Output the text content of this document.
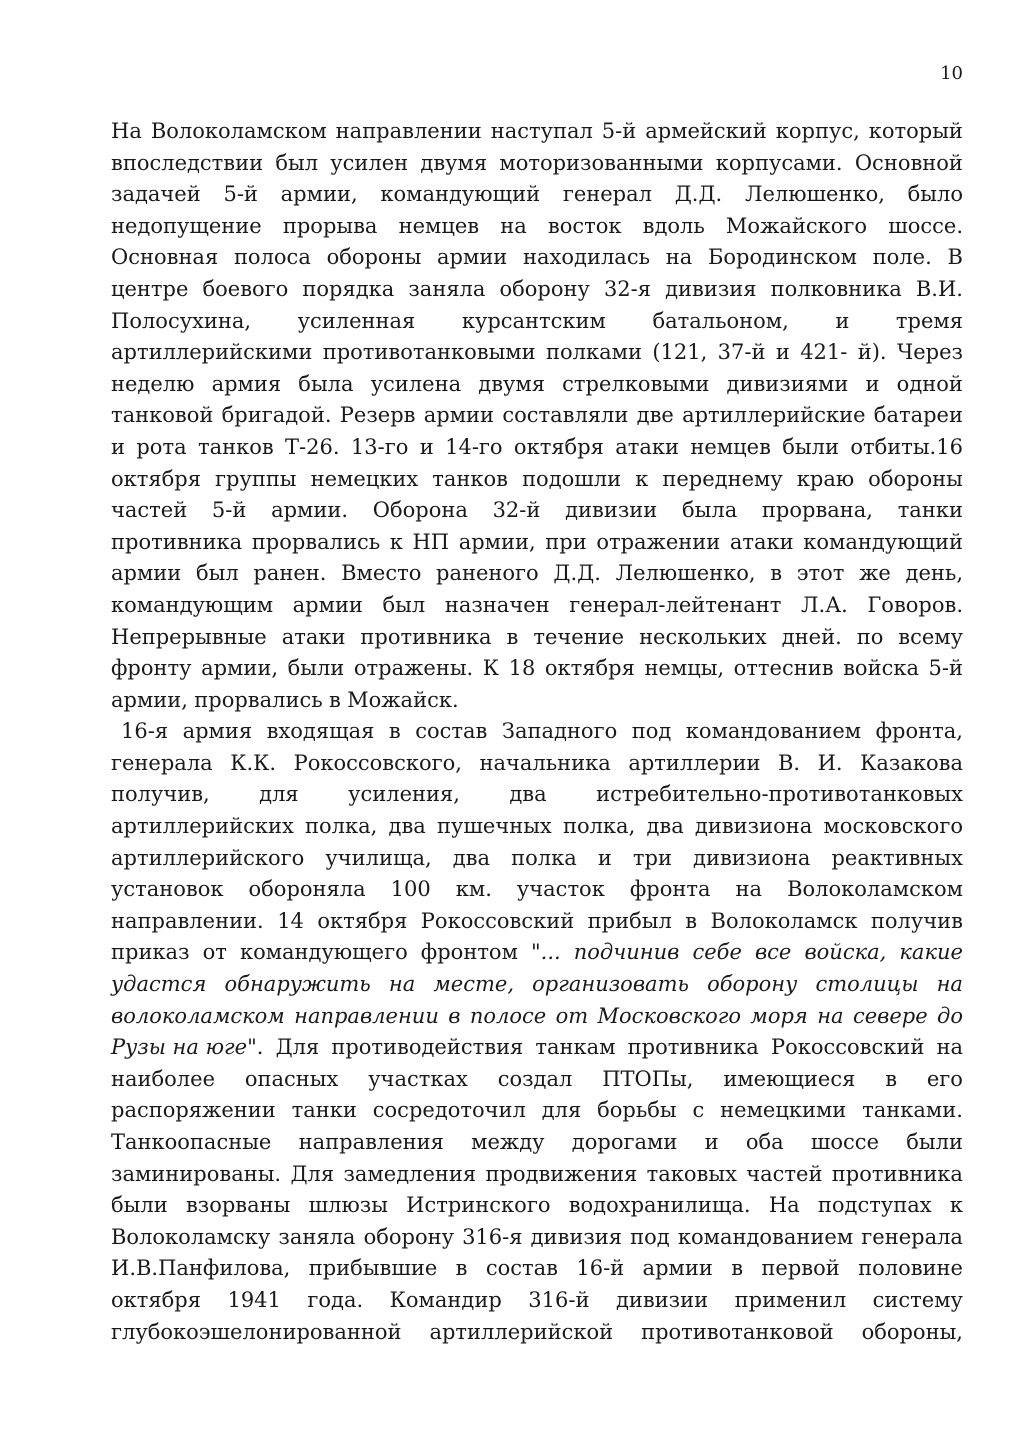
10
На Волоколамском направлении наступал 5-й армейский корпус, который
впоследствии был усилен двумя моторизованными корпусами. Основной
задачей 5-й армии, командующий генерал Д.Д. Лелюшенко, было
недопущение прорыва немцев на восток вдоль Можайского шоссе.
Основная полоса обороны армии находилась на Бородинском поле. В
центре боевого порядка заняла оборону 32-я дивизия полковника В.И.
Полосухина, усиленная курсантским батальоном, и тремя
артиллерийскими противотанковыми полками (121, 37-й и 421- й). Через
неделю армия была усилена двумя стрелковыми дивизиями и одной
танковой бригадой. Резерв армии составляли две артиллерийские батареи
и рота танков Т-26. 13-го и 14-го октября атаки немцев были отбиты.16
октября группы немецких танков подошли к переднему краю обороны
частей 5-й армии. Оборона 32-й дивизии была прорвана, танки
противника прорвались к НП армии, при отражении атаки командующий
армии был ранен. Вместо раненого Д.Д. Лелюшенко, в этот же день,
командующим армии был назначен генерал-лейтенант Л.А. Говоров.
Непрерывные атаки противника в течение нескольких дней. по всему
фронту армии, были отражены. К 18 октября немцы, оттеснив войска 5-й
армии, прорвались в Можайск.
16-я армия входящая в состав Западного под командованием фронта,
генерала К.К. Рокоссовского, начальника артиллерии В. И. Казакова
получив, для усиления, два истребительно-противотанковых
артиллерийских полка, два пушечных полка, два дивизиона московского
артиллерийского училища, два полка и три дивизиона реактивных
установок обороняла 100 км. участок фронта на Волоколамском
направлении. 14 октября Рокоссовский прибыл в Волоколамск получив
приказ от командующего фронтом "... подчинив себе все войска, какие
удастся обнаружить на месте, организовать оборону столицы на
волоколамском направлении в полосе от Московского моря на севере до
Рузы на юге". Для противодействия танкам противника Рокоссовский на
наиболее опасных участках создал ПТОПы, имеющиеся в его
распоряжении танки сосредоточил для борьбы с немецкими танками.
Танкоопасные направления между дорогами и оба шоссе были
заминированы. Для замедления продвижения таковых частей противника
были взорваны шлюзы Истринского водохранилища. На подступах к
Волоколамску заняла оборону 316-я дивизия под командованием генерала
И.В.Панфилова, прибывшие в состав 16-й армии в первой половине
октября 1941 года. Командир 316-й дивизии применил систему
глубокоэшелонированной артиллерийской противотанковой обороны,
